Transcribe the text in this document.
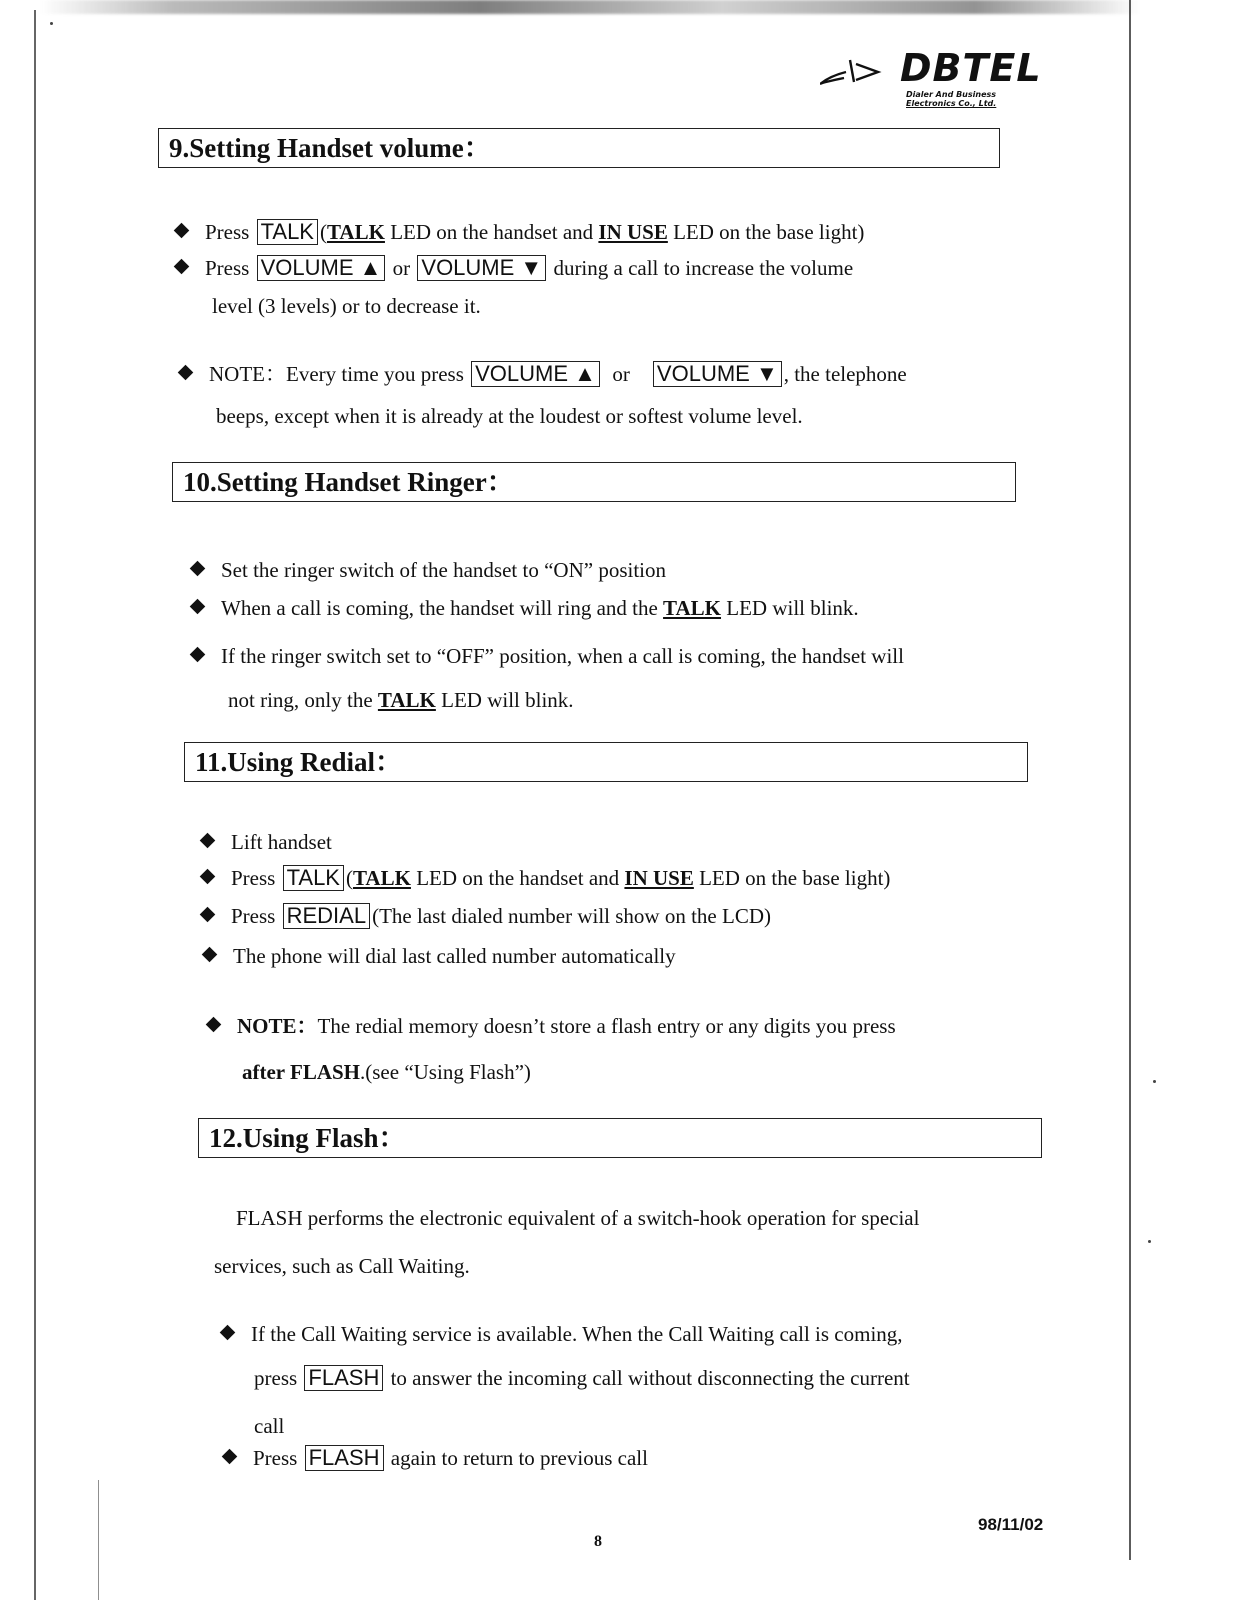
DBTEL
Dialer And Business
Electronics Co., Ltd.
9.Setting Handset volume：
Press TALK (TALK LED on the handset and IN USE LED on the base light)
Press VOLUME ▲ or VOLUME ▼ during a call to increase the volume
level (3 levels) or to decrease it.
NOTE：Every time you press VOLUME ▲ or VOLUME ▼ , the telephone
beeps, except when it is already at the loudest or softest volume level.
10.Setting Handset Ringer：
Set the ringer switch of the handset to “ON” position
When a call is coming, the handset will ring and the TALK LED will blink.
If the ringer switch set to “OFF” position, when a call is coming, the handset will
not ring, only the TALK LED will blink.
11.Using Redial：
Lift handset
Press TALK (TALK LED on the handset and IN USE LED on the base light)
Press REDIAL (The last dialed number will show on the LCD)
The phone will dial last called number automatically
NOTE：The redial memory doesn’t store a flash entry or any digits you press
after FLASH.(see “Using Flash”)
12.Using Flash：
FLASH performs the electronic equivalent of a switch-hook operation for special
services, such as Call Waiting.
If the Call Waiting service is available. When the Call Waiting call is coming,
press FLASH to answer the incoming call without disconnecting the current
call
Press FLASH again to return to previous call
8
98/11/02
